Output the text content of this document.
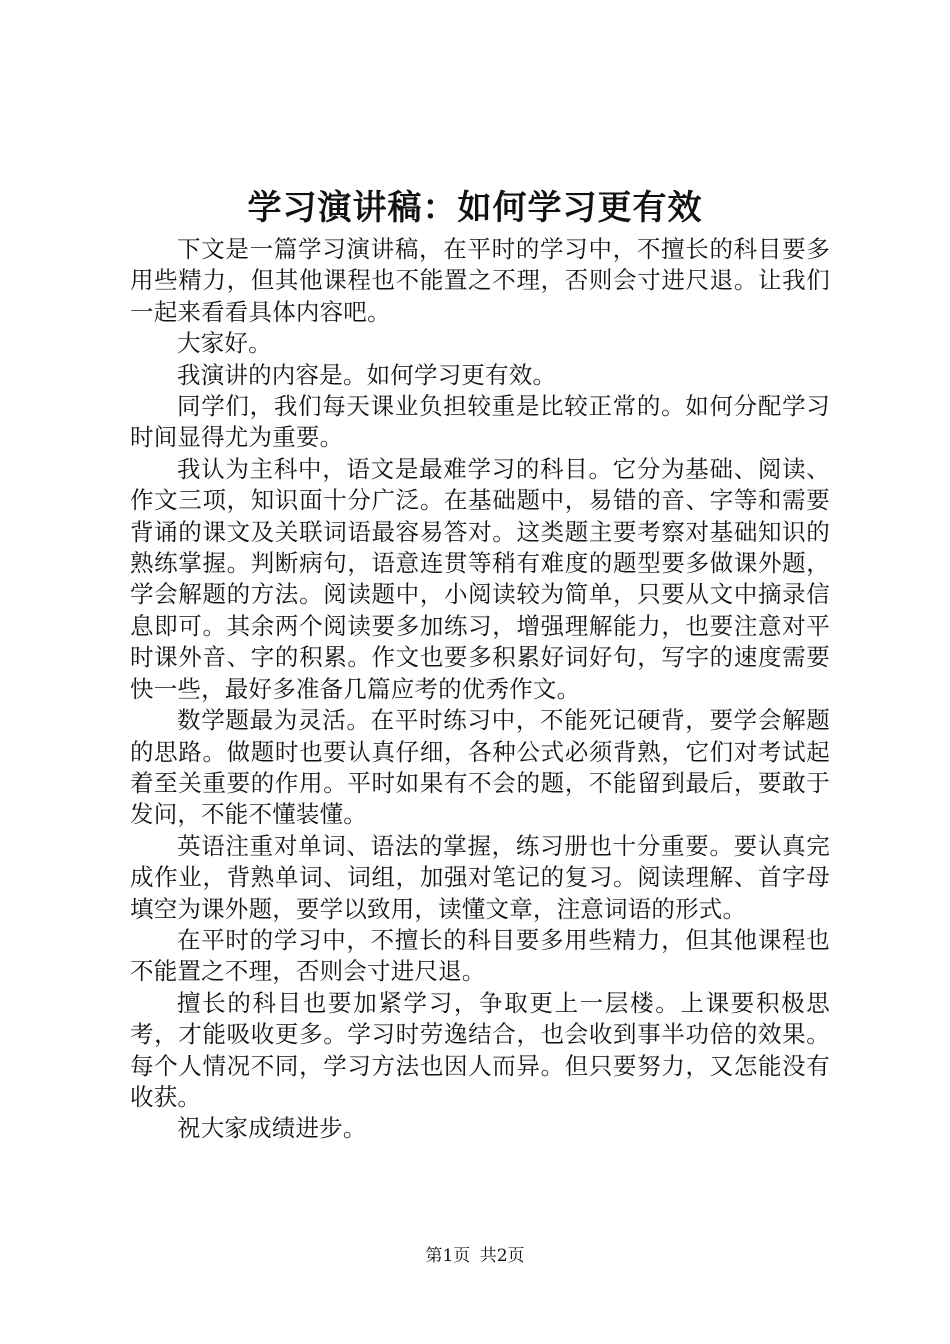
学习演讲稿：如何学习更有效

下文是一篇学习演讲稿，在平时的学习中，不擅长的科目要多用些精力，但其他课程也不能置之不理，否则会寸进尺退。让我们一起来看看具体内容吧。

大家好。

我演讲的内容是。如何学习更有效。

同学们，我们每天课业负担较重是比较正常的。如何分配学习时间显得尤为重要。

我认为主科中，语文是最难学习的科目。它分为基础、阅读、作文三项，知识面十分广泛。在基础题中，易错的音、字等和需要背诵的课文及关联词语最容易答对。这类题主要考察对基础知识的熟练掌握。判断病句，语意连贯等稍有难度的题型要多做课外题，学会解题的方法。阅读题中，小阅读较为简单，只要从文中摘录信息即可。其余两个阅读要多加练习，增强理解能力，也要注意对平时课外音、字的积累。作文也要多积累好词好句，写字的速度需要快一些，最好多准备几篇应考的优秀作文。

数学题最为灵活。在平时练习中，不能死记硬背，要学会解题的思路。做题时也要认真仔细，各种公式必须背熟，它们对考试起着至关重要的作用。平时如果有不会的题，不能留到最后，要敢于发问，不能不懂装懂。

英语注重对单词、语法的掌握，练习册也十分重要。要认真完成作业，背熟单词、词组，加强对笔记的复习。阅读理解、首字母填空为课外题，要学以致用，读懂文章，注意词语的形式。

在平时的学习中，不擅长的科目要多用些精力，但其他课程也不能置之不理，否则会寸进尺退。

擅长的科目也要加紧学习，争取更上一层楼。上课要积极思考，才能吸收更多。学习时劳逸结合，也会收到事半功倍的效果。每个人情况不同，学习方法也因人而异。但只要努力，又怎能没有收获。

祝大家成绩进步。

第1页 共2页
